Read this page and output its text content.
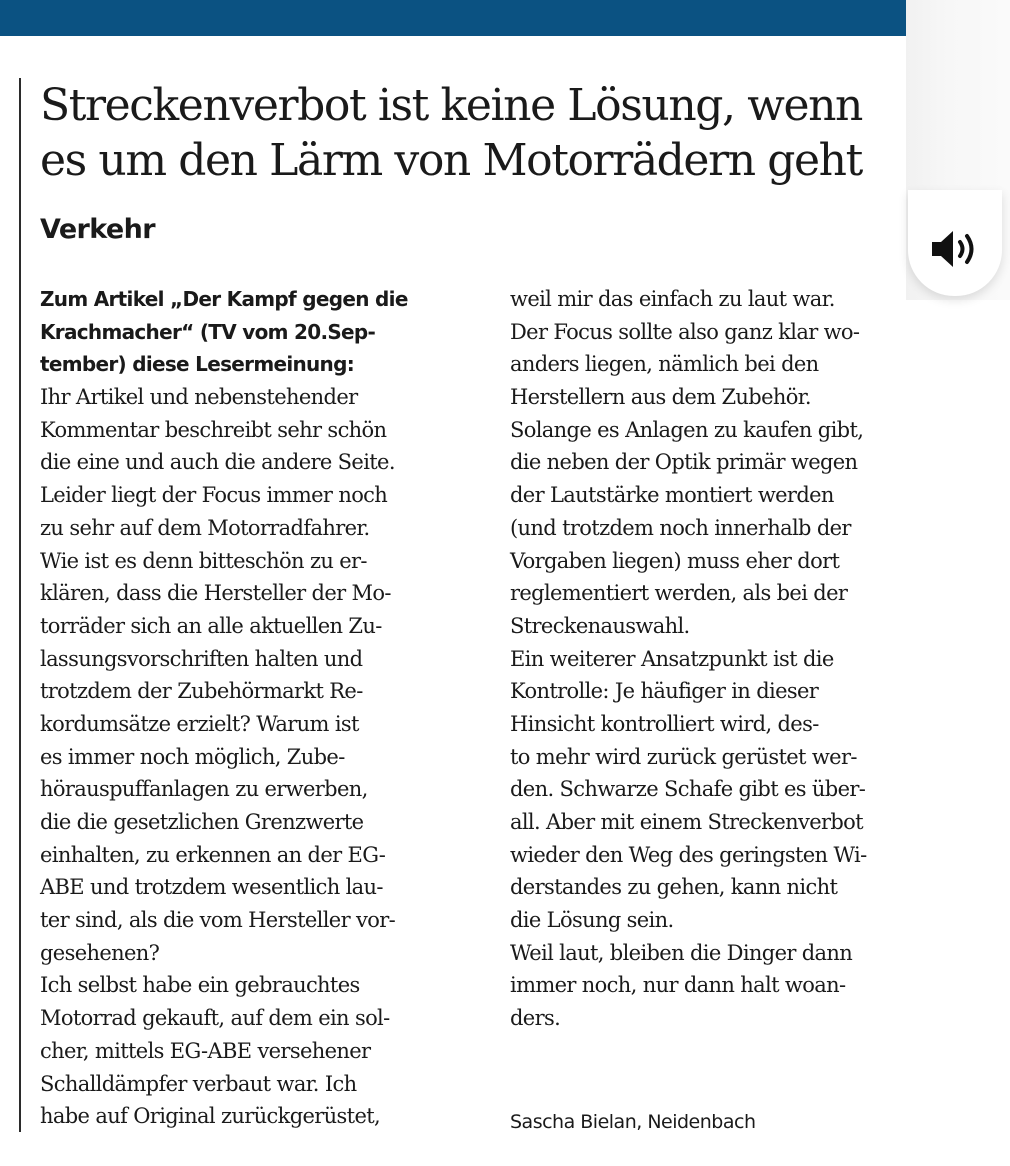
Streckenverbot ist keine Lösung, wenn
es um den Lärm von Motorrädern geht
Verkehr
Zum Artikel „Der Kampf gegen die
Krachmacher“ (TV vom 20.Sep-
tember) diese Lesermeinung:
Ihr Artikel und nebenstehender
Kommentar beschreibt sehr schön
die eine und auch die andere Seite.
Leider liegt der Focus immer noch
zu sehr auf dem Motorradfahrer.
Wie ist es denn bitteschön zu er-
klären, dass die Hersteller der Mo-
torräder sich an alle aktuellen Zu-
lassungsvorschriften halten und
trotzdem der Zubehörmarkt Re-
kordumsätze erzielt? Warum ist
es immer noch möglich, Zube-
hörauspuffanlagen zu erwerben,
die die gesetzlichen Grenzwerte
einhalten, zu erkennen an der EG-
ABE und trotzdem wesentlich lau-
ter sind, als die vom Hersteller vor-
gesehenen?
Ich selbst habe ein gebrauchtes
Motorrad gekauft, auf dem ein sol-
cher, mittels EG-ABE versehener
Schalldämpfer verbaut war. Ich
habe auf Original zurückgerüstet,
weil mir das einfach zu laut war.
Der Focus sollte also ganz klar wo-
anders liegen, nämlich bei den
Herstellern aus dem Zubehör.
Solange es Anlagen zu kaufen gibt,
die neben der Optik primär wegen
der Lautstärke montiert werden
(und trotzdem noch innerhalb der
Vorgaben liegen) muss eher dort
reglementiert werden, als bei der
Streckenauswahl.
Ein weiterer Ansatzpunkt ist die
Kontrolle: Je häufiger in dieser
Hinsicht kontrolliert wird, des-
to mehr wird zurück gerüstet wer-
den. Schwarze Schafe gibt es über-
all. Aber mit einem Streckenverbot
wieder den Weg des geringsten Wi-
derstandes zu gehen, kann nicht
die Lösung sein.
Weil laut, bleiben die Dinger dann
immer noch, nur dann halt woan-
ders.
Sascha Bielan, Neidenbach
